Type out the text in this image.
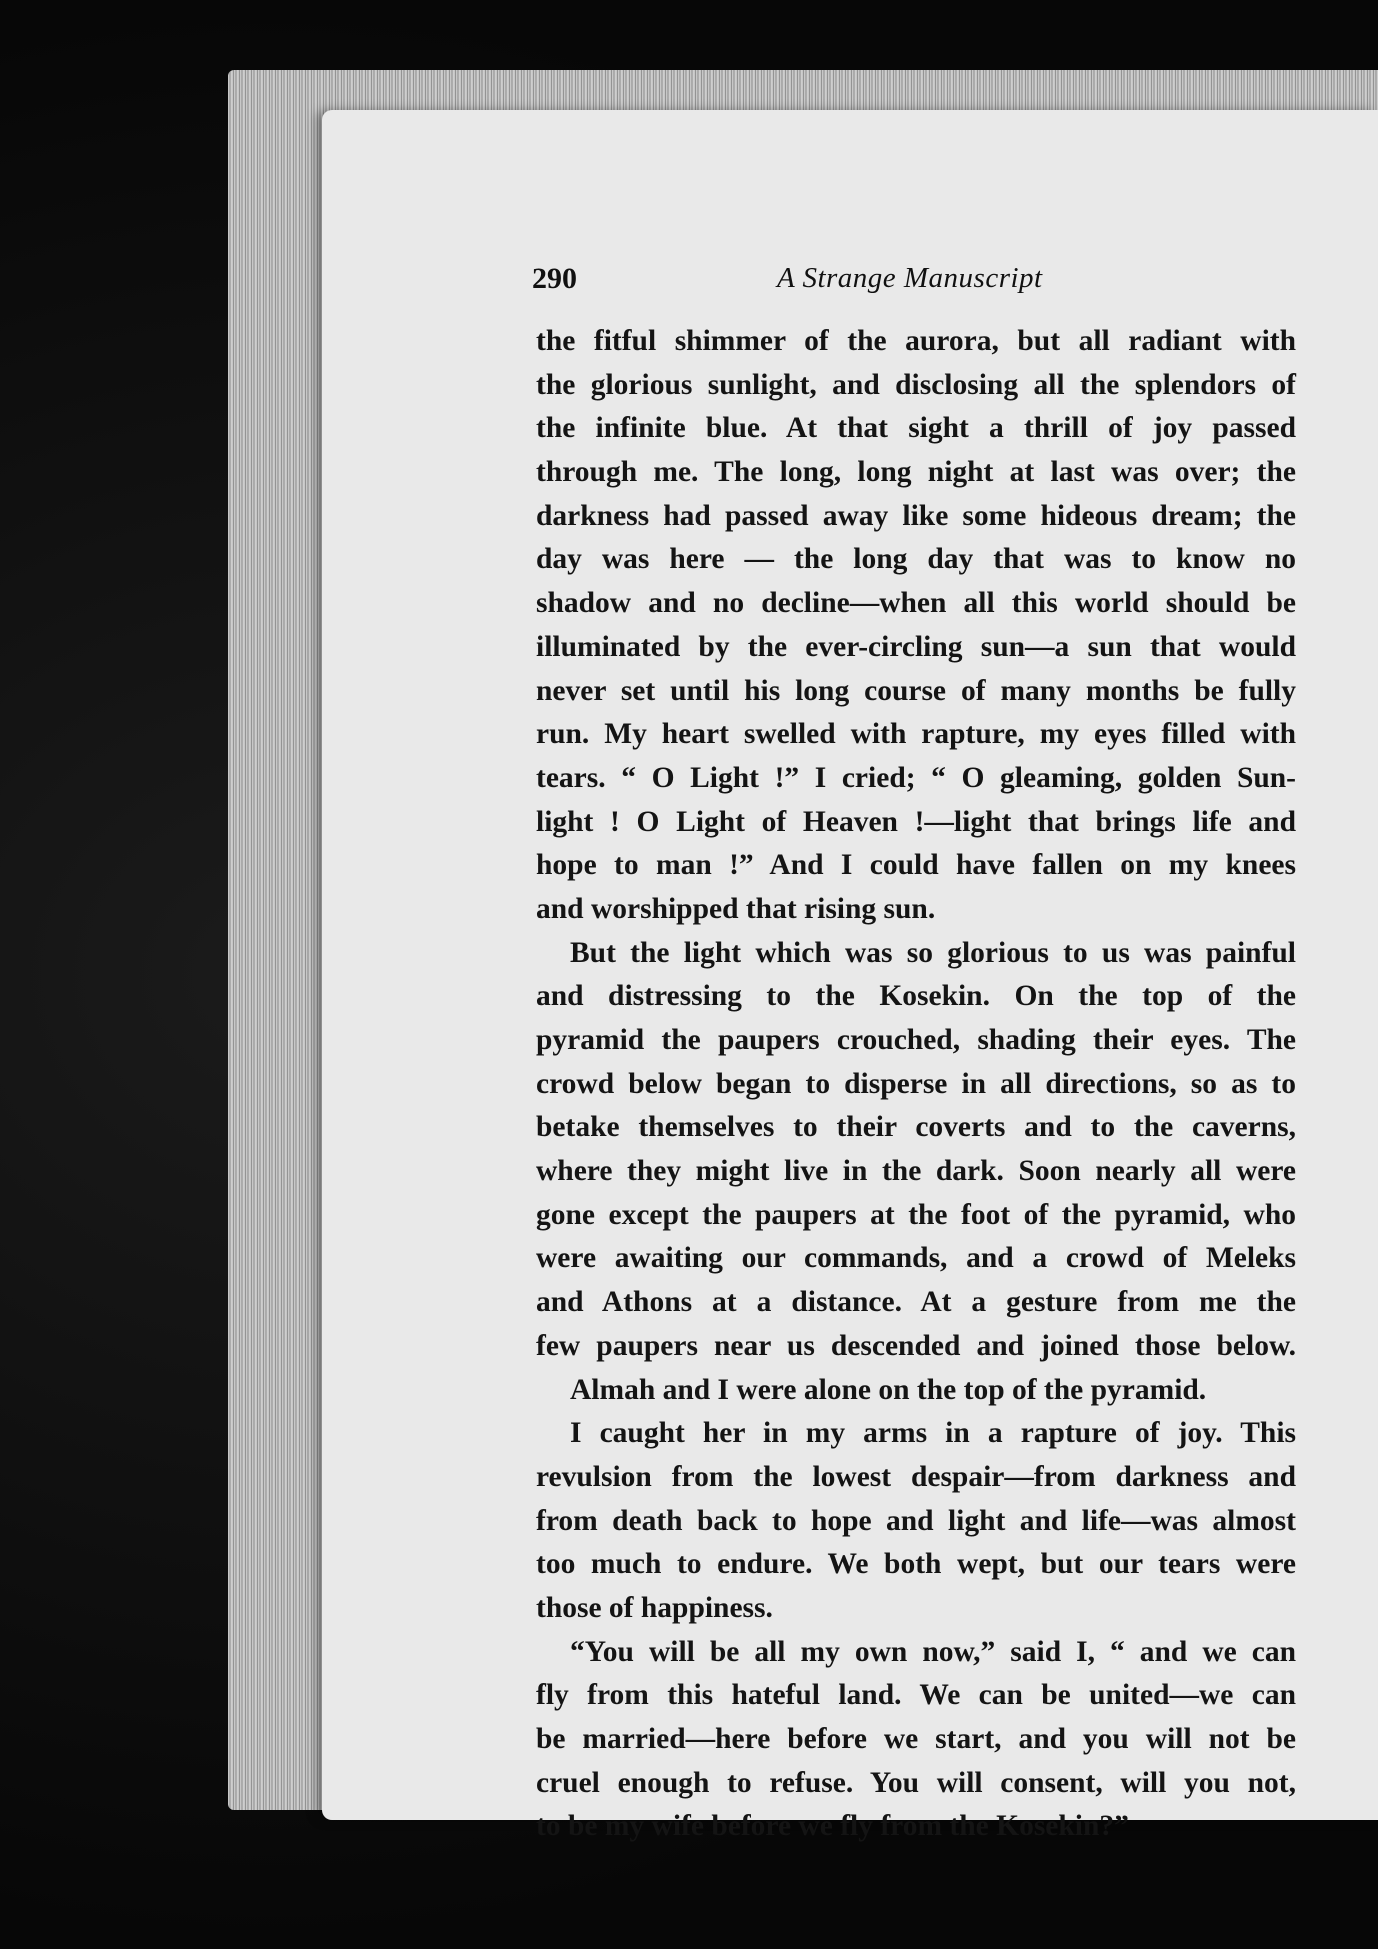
290	A Strange Manuscript
the fitful shimmer of the aurora, but all radiant with
the glorious sunlight, and disclosing all the splendors of
the infinite blue. At that sight a thrill of joy passed
through me. The long, long night at last was over; the
darkness had passed away like some hideous dream; the
day was here — the long day that was to know no
shadow and no decline—when all this world should be
illuminated by the ever-circling sun—a sun that would
never set until his long course of many months be fully
run. My heart swelled with rapture, my eyes filled with
tears. “ O Light !” I cried; “ O gleaming, golden Sun-
light ! O Light of Heaven !—light that brings life and
hope to man !” And I could have fallen on my knees
and worshipped that rising sun.
But the light which was so glorious to us was painful
and distressing to the Kosekin. On the top of the
pyramid the paupers crouched, shading their eyes. The
crowd below began to disperse in all directions, so as to
betake themselves to their coverts and to the caverns,
where they might live in the dark. Soon nearly all were
gone except the paupers at the foot of the pyramid, who
were awaiting our commands, and a crowd of Meleks
and Athons at a distance. At a gesture from me the
few paupers near us descended and joined those below.
Almah and I were alone on the top of the pyramid.
I caught her in my arms in a rapture of joy. This
revulsion from the lowest despair—from darkness and
from death back to hope and light and life—was almost
too much to endure. We both wept, but our tears were
those of happiness.
“You will be all my own now,” said I, “ and we can
fly from this hateful land. We can be united—we can
be married—here before we start, and you will not be
cruel enough to refuse. You will consent, will you not,
to be my wife before we fly from the Kosekin?”
